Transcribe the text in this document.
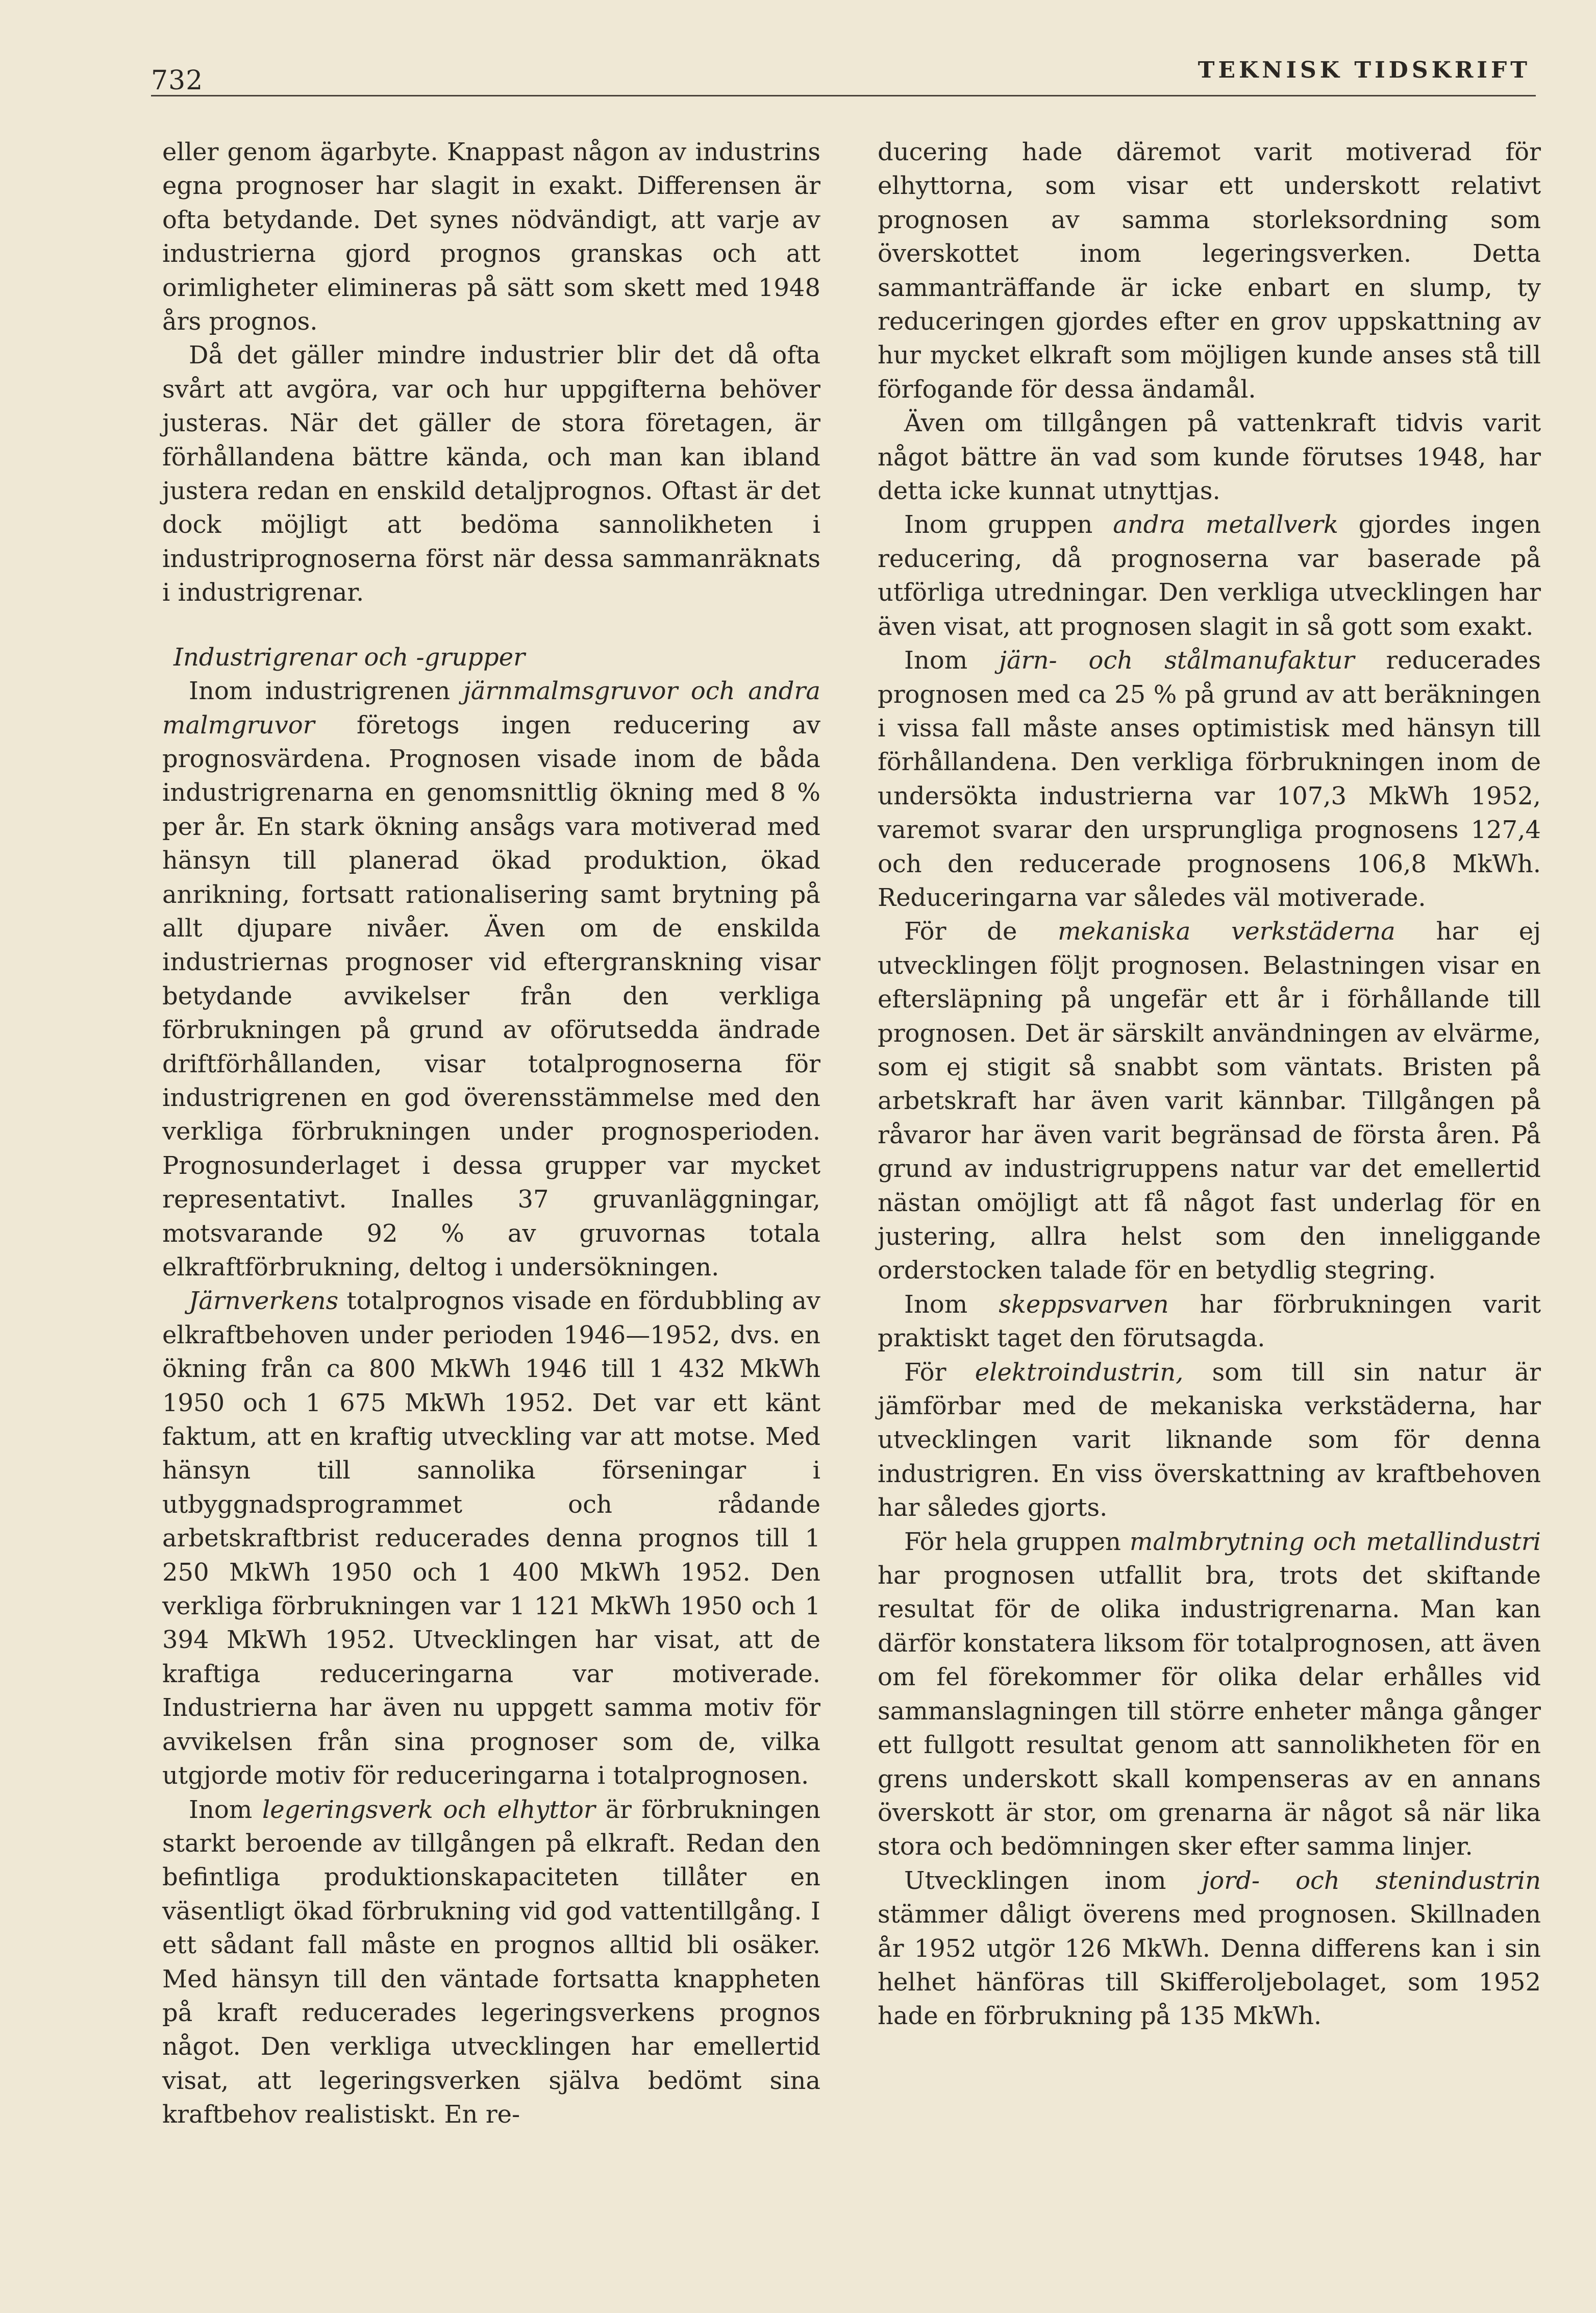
732	TEKNISK TIDSKRIFT

eller genom ägarbyte. Knappast någon av industrins egna prognoser har slagit in exakt. Differensen är ofta betydande. Det synes nödvändigt, att varje av industrierna gjord prognos granskas och att orimligheter elimineras på sätt som skett med 1948 års prognos.

Då det gäller mindre industrier blir det då ofta svårt att avgöra, var och hur uppgifterna behöver justeras. När det gäller de stora företagen, är förhållandena bättre kända, och man kan ibland justera redan en enskild detaljprognos. Oftast är det dock möjligt att bedöma sannolikheten i industriprognoserna först när dessa sammanräknats i industrigrenar.

Industrigrenar och -grupper

Inom industrigrenen järnmalmsgruvor och andra malmgruvor företogs ingen reducering av prognosvärdena. Prognosen visade inom de båda industrigrenarna en genomsnittlig ökning med 8 % per år. En stark ökning ansågs vara motiverad med hänsyn till planerad ökad produktion, ökad anrikning, fortsatt rationalisering samt brytning på allt djupare nivåer. Även om de enskilda industriernas prognoser vid eftergranskning visar betydande avvikelser från den verkliga förbrukningen på grund av oförutsedda ändrade driftförhållanden, visar totalprognoserna för industrigrenen en god överensstämmelse med den verkliga förbrukningen under prognosperioden. Prognosunderlaget i dessa grupper var mycket representativt. Inalles 37 gruvanläggningar, motsvarande 92 % av gruvornas totala elkraftförbrukning, deltog i undersökningen.

Järnverkens totalprognos visade en fördubbling av elkraftbehoven under perioden 1946—1952, dvs. en ökning från ca 800 MkWh 1946 till 1 432 MkWh 1950 och 1 675 MkWh 1952. Det var ett känt faktum, att en kraftig utveckling var att motse. Med hänsyn till sannolika förseningar i utbyggnadsprogrammet och rådande arbetskraftbrist reducerades denna prognos till 1 250 MkWh 1950 och 1 400 MkWh 1952. Den verkliga förbrukningen var 1 121 MkWh 1950 och 1 394 MkWh 1952. Utvecklingen har visat, att de kraftiga reduceringarna var motiverade. Industrierna har även nu uppgett samma motiv för avvikelsen från sina prognoser som de, vilka utgjorde motiv för reduceringarna i totalprognosen.

Inom legeringsverk och elhyttor är förbrukningen starkt beroende av tillgången på elkraft. Redan den befintliga produktionskapaciteten tillåter en väsentligt ökad förbrukning vid god vattentillgång. I ett sådant fall måste en prognos alltid bli osäker. Med hänsyn till den väntade fortsatta knappheten på kraft reducerades legeringsverkens prognos något. Den verkliga utvecklingen har emellertid visat, att legeringsverken själva bedömt sina kraftbehov realistiskt. En re-

ducering hade däremot varit motiverad för elhyttorna, som visar ett underskott relativt prognosen av samma storleksordning som överskottet inom legeringsverken. Detta sammanträffande är icke enbart en slump, ty reduceringen gjordes efter en grov uppskattning av hur mycket elkraft som möjligen kunde anses stå till förfogande för dessa ändamål.

Även om tillgången på vattenkraft tidvis varit något bättre än vad som kunde förutses 1948, har detta icke kunnat utnyttjas.

Inom gruppen andra metallverk gjordes ingen reducering, då prognoserna var baserade på utförliga utredningar. Den verkliga utvecklingen har även visat, att prognosen slagit in så gott som exakt.

Inom järn- och stålmanufaktur reducerades prognosen med ca 25 % på grund av att beräkningen i vissa fall måste anses optimistisk med hänsyn till förhållandena. Den verkliga förbrukningen inom de undersökta industrierna var 107,3 MkWh 1952, varemot svarar den ursprungliga prognosens 127,4 och den reducerade prognosens 106,8 MkWh. Reduceringarna var således väl motiverade.

För de mekaniska verkstäderna har ej utvecklingen följt prognosen. Belastningen visar en eftersläpning på ungefär ett år i förhållande till prognosen. Det är särskilt användningen av elvärme, som ej stigit så snabbt som väntats. Bristen på arbetskraft har även varit kännbar. Tillgången på råvaror har även varit begränsad de första åren. På grund av industrigruppens natur var det emellertid nästan omöjligt att få något fast underlag för en justering, allra helst som den inneliggande orderstocken talade för en betydlig stegring.

Inom skeppsvarven har förbrukningen varit praktiskt taget den förutsagda.

För elektroindustrin, som till sin natur är jämförbar med de mekaniska verkstäderna, har utvecklingen varit liknande som för denna industrigren. En viss överskattning av kraftbehoven har således gjorts.

För hela gruppen malmbrytning och metallindustri har prognosen utfallit bra, trots det skiftande resultat för de olika industrigrenarna. Man kan därför konstatera liksom för totalprognosen, att även om fel förekommer för olika delar erhålles vid sammanslagningen till större enheter många gånger ett fullgott resultat genom att sannolikheten för en grens underskott skall kompenseras av en annans överskott är stor, om grenarna är något så när lika stora och bedömningen sker efter samma linjer.

Utvecklingen inom jord- och stenindustrin stämmer dåligt överens med prognosen. Skillnaden år 1952 utgör 126 MkWh. Denna differens kan i sin helhet hänföras till Skifferoljebolaget, som 1952 hade en förbrukning på 135 MkWh.
